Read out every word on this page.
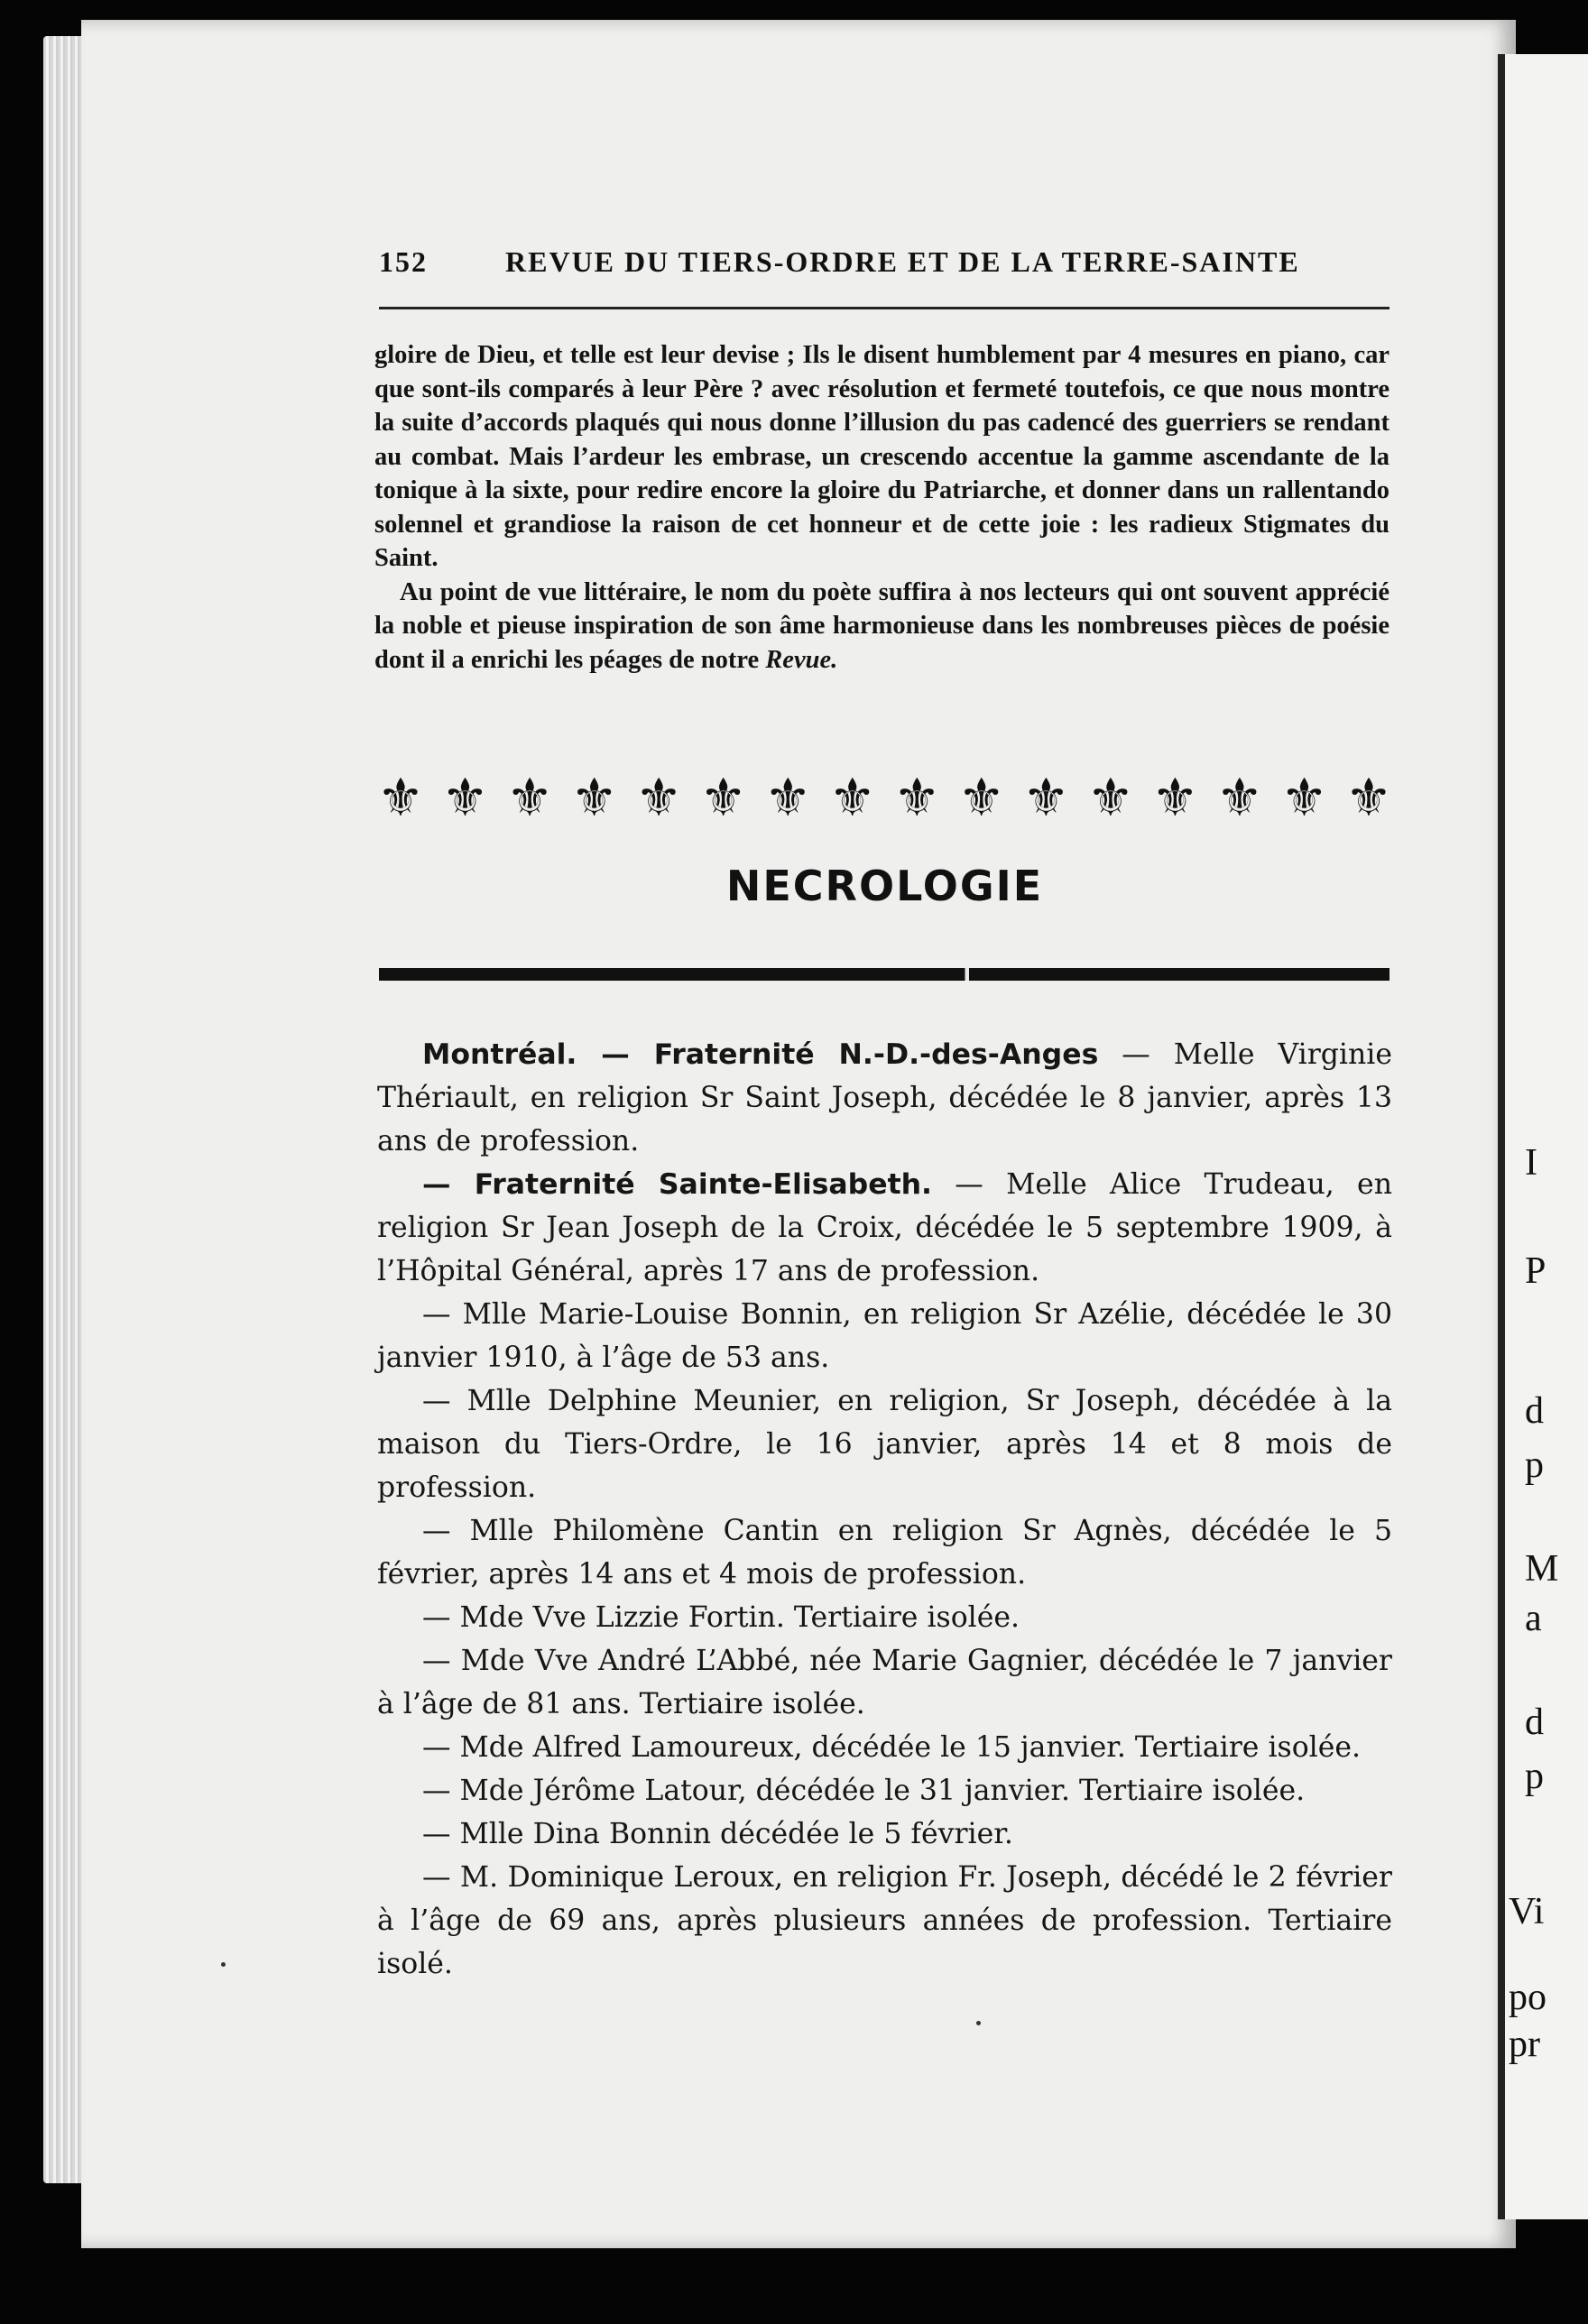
I
P
d
p
M
a
d
p
Vi
po
pr
152	REVUE DU TIERS-ORDRE ET DE LA TERRE-SAINTE

gloire de Dieu, et telle est leur devise ; Ils le disent humblement par 4 mesures en piano, car que sont-ils comparés à leur Père ? avec résolution et fermeté toutefois, ce que nous montre la suite d’accords plaqués qui nous donne l’illusion du pas cadencé des guerriers se rendant au combat. Mais l’ardeur les embrase, un crescendo accentue la gamme ascendante de la tonique à la sixte, pour redire encore la gloire du Patriarche, et donner dans un rallentando solennel et grandiose la raison de cet honneur et de cette joie : les radieux Stigmates du Saint.

Au point de vue littéraire, le nom du poète suffira à nos lecteurs qui ont souvent apprécié la noble et pieuse inspiration de son âme harmonieuse dans les nombreuses pièces de poésie dont il a enrichi les péages de notre Revue.

⚜ ⚜ ⚜ ⚜ ⚜ ⚜ ⚜ ⚜ ⚜ ⚜ ⚜ ⚜ ⚜ ⚜ ⚜ ⚜
NECROLOGIE

Montréal. — Fraternité N.-D.-des-Anges — Melle Virginie Thériault, en religion Sr Saint Joseph, décédée le 8 janvier, après 13 ans de profession.

— Fraternité Sainte-Elisabeth. — Melle Alice Trudeau, en religion Sr Jean Joseph de la Croix, décédée le 5 septembre 1909, à l’Hôpital Général, après 17 ans de profession.

— Mlle Marie-Louise Bonnin, en religion Sr Azélie, décédée le 30 janvier 1910, à l’âge de 53 ans.

— Mlle Delphine Meunier, en religion, Sr Joseph, décédée à la maison du Tiers-Ordre, le 16 janvier, après 14 et 8 mois de profession.

— Mlle Philomène Cantin en religion Sr Agnès, décédée le 5 février, après 14 ans et 4 mois de profession.

— Mde Vve Lizzie Fortin. Tertiaire isolée.

— Mde Vve André L’Abbé, née Marie Gagnier, décédée le 7 janvier à l’âge de 81 ans. Tertiaire isolée.

— Mde Alfred Lamoureux, décédée le 15 janvier. Tertiaire isolée.

— Mde Jérôme Latour, décédée le 31 janvier. Tertiaire isolée.

— Mlle Dina Bonnin décédée le 5 février.

— M. Dominique Leroux, en religion Fr. Joseph, décédé le 2 février à l’âge de 69 ans, après plusieurs années de profession. Tertiaire isolé.
